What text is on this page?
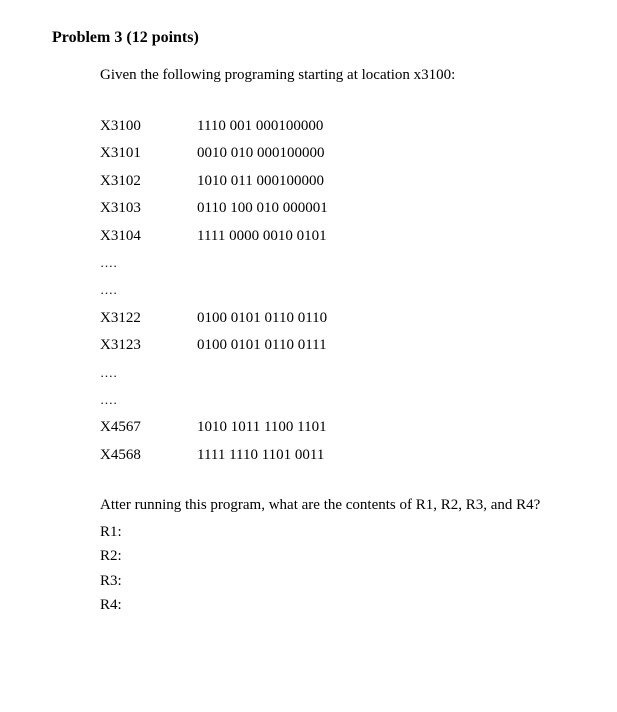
Problem 3 (12 points)
Given the following programing starting at location x3100:
X3100	1110 001 000100000
X3101	0010 010 000100000
X3102	1010 011 000100000
X3103	0110 100 010 000001
X3104	1111 0000 0010 0101
….
….
X3122	0100 0101 0110 0110
X3123	0100 0101 0110 0111
….
….
X4567	1010 1011 1100 1101
X4568	1111 1110 1101 0011
Atter running this program, what are the contents of R1, R2, R3, and R4?
R1:
R2:
R3:
R4:
